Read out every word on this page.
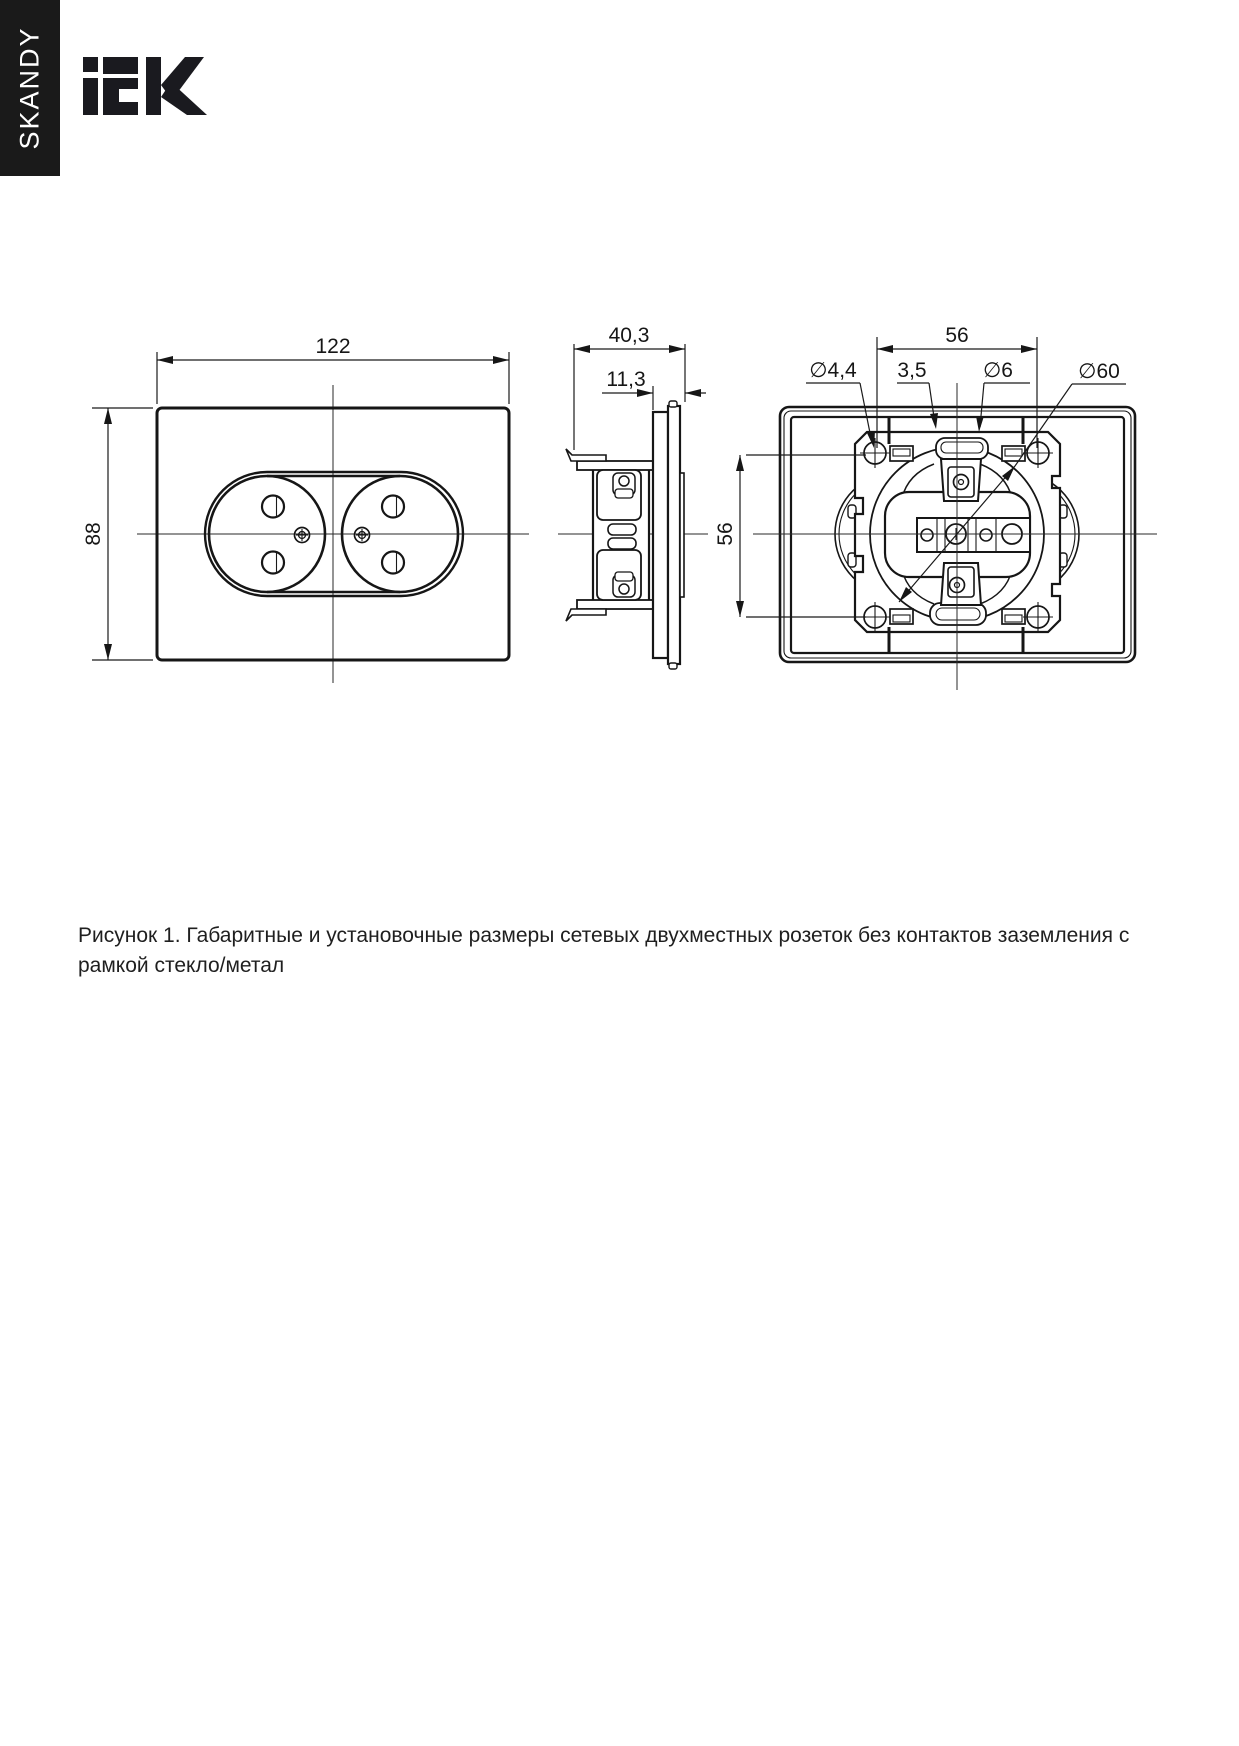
SKANDY
122
88
40,3
11,3
56
56
∅4,4 3,5	∅6	∅60
Рисунок 1. Габаритные и установочные размеры сетевых двухместных розеток без контактов заземления с рамкой стекло/метал
